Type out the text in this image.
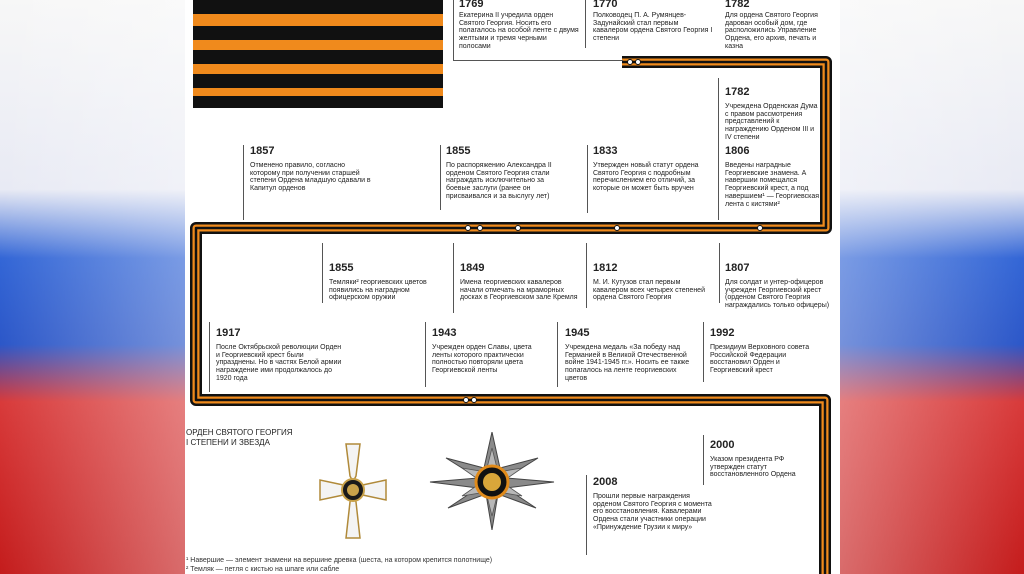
1769
Екатерина II учредила орден Святого Георгия. Носить его полагалось на особой ленте с двумя желтыми и тремя черными полосами
1770
Полководец П. А. Румянцев-Задунайский стал первым кавалером ордена Святого Георгия I степени
1782
Для ордена Святого Георгия дарован особый дом, где расположились Управление Ордена, его архив, печать и казна
1782
Учреждена Орденская Дума с правом рассмотрения представлений к награждению Орденом III и IV степени
1857
Отменено правило, согласно которому при получении старшей степени Ордена младшую сдавали в Капитул орденов
1855
По распоряжению Александра II орденом Святого Георгия стали награждать исключительно за боевые заслуги (ранее он присваивался и за выслугу лет)
1833
Утвержден новый статут ордена Святого Георгия с подробным перечислением его отличий, за которые он может быть вручен
1806
Введены наградные Георгиевские знамена. А навершии помещался Георгиевский крест, а под навершием¹ — Георгиевская лента с кистями²
1855
Темляки² георгиевских цветов появились на наградном офицерском оружии
1849
Имена георгиевских кавалеров начали отмечать на мраморных досках в Георгиевском зале Кремля
1812
М. И. Кутузов стал первым кавалером всех четырех степеней ордена Святого Георгия
1807
Для солдат и унтер-офицеров учрежден Георгиевский крест (орденом Святого Георгия награждались только офицеры)
1917
После Октябрьской революции Орден и Георгиевский крест были упразднены. Но в частях Белой армии награждение ими продолжалось до 1920 года
1943
Учрежден орден Славы, цвета ленты которого практически полностью повторяли цвета Георгиевской ленты
1945
Учреждена медаль «За победу над Германией в Великой Отечественной войне 1941-1945 гг.». Носить ее также полагалось на ленте георгиевских цветов
1992
Президиум Верховного совета Российской Федерации восстановил Орден и Георгиевский крест
2000
Указом президента РФ утвержден статут восстановленного Ордена
2008
Прошли первые награждения орденом Святого Георгия с момента его восстановления. Кавалерами Ордена стали участники операции «Принуждение Грузии к миру»
ОРДЕН СВЯТОГО ГЕОРГИЯ
I СТЕПЕНИ И ЗВЕЗДА
¹ Навершие — элемент знамени на вершине древка (шеста, на котором крепится полотнище)
² Темляк — петля с кистью на шпаге или сабле
